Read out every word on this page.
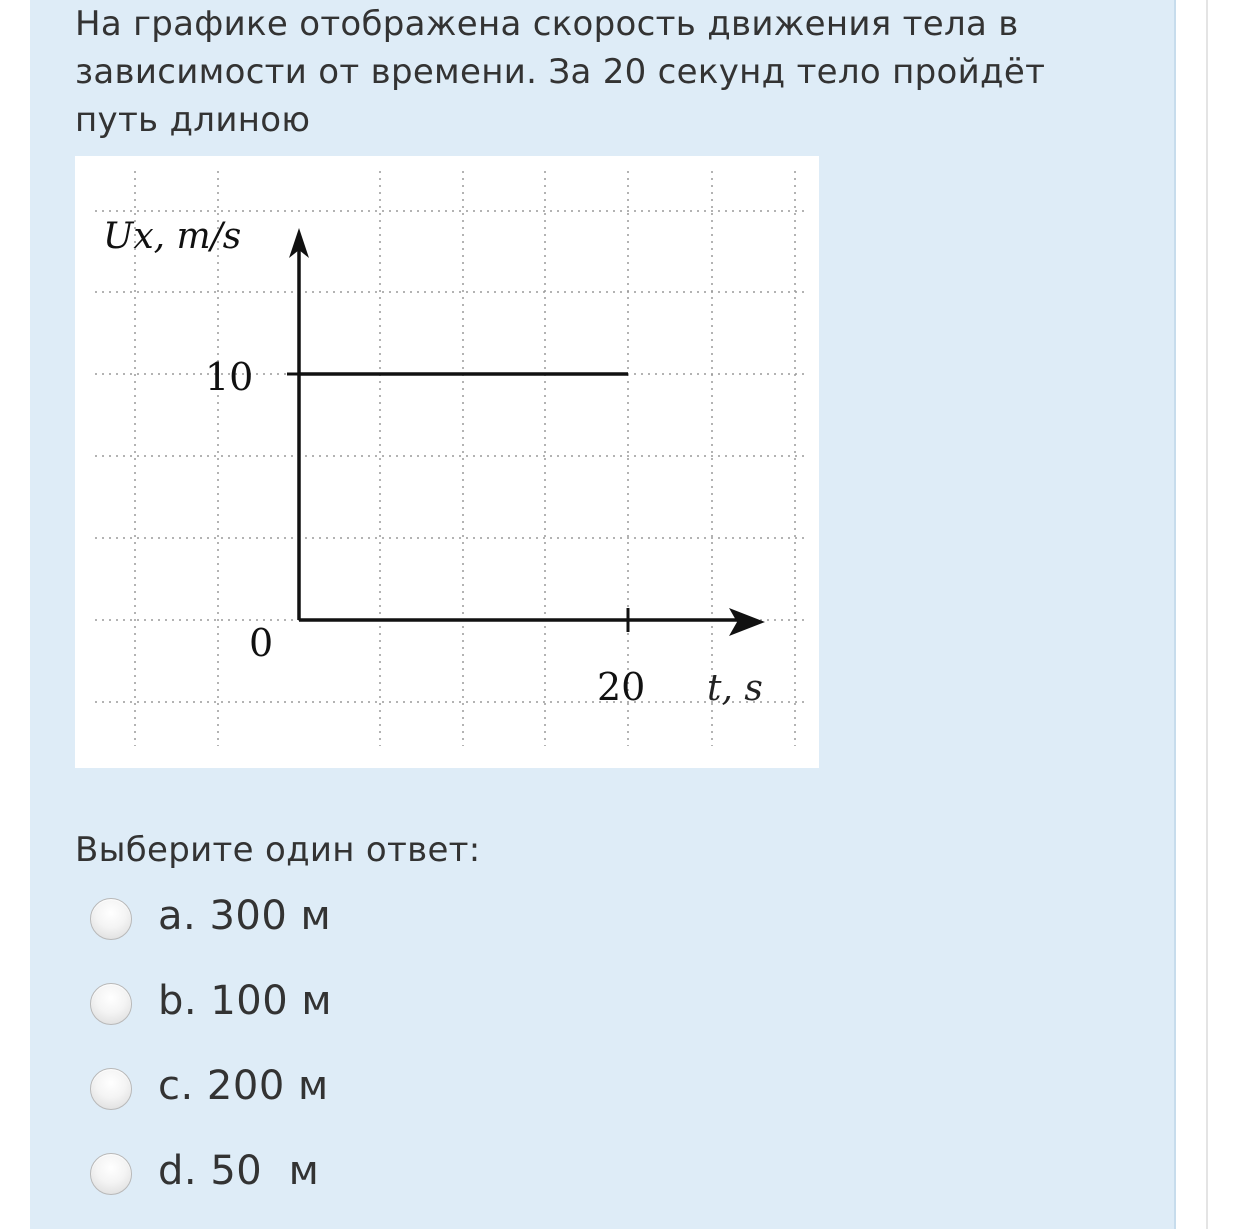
На графике отображена скорость движения тела в зависимости от времени. За 20 секунд тело пройдёт путь длиною

Ux, m/s
10
0
20 t, s
Выберите один ответ:
a. 300 м
b. 100 м
c. 200 м
d. 50  м
